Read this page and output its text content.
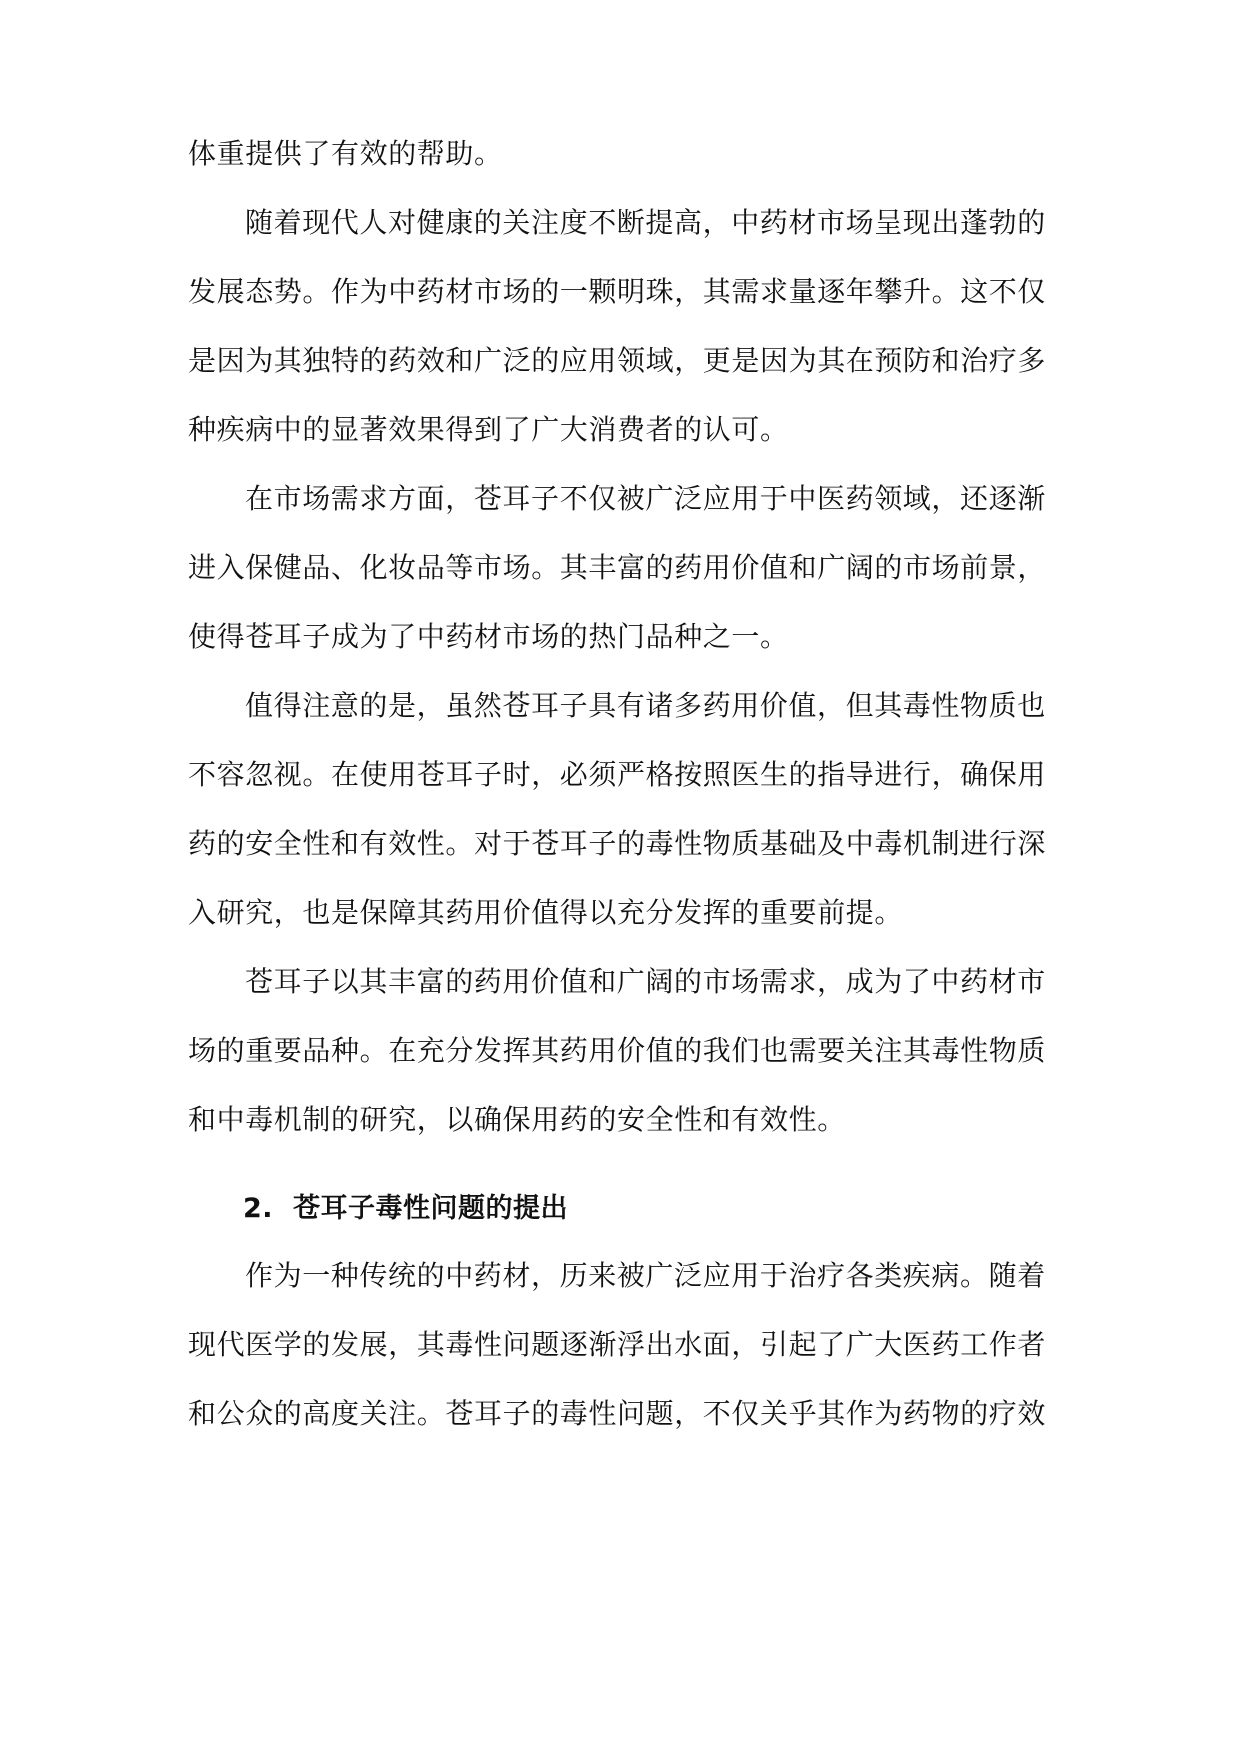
体重提供了有效的帮助。
随着现代人对健康的关注度不断提高，中药材市场呈现出蓬勃的
发展态势。作为中药材市场的一颗明珠，其需求量逐年攀升。这不仅
是因为其独特的药效和广泛的应用领域，更是因为其在预防和治疗多
种疾病中的显著效果得到了广大消费者的认可。
在市场需求方面，苍耳子不仅被广泛应用于中医药领域，还逐渐
进入保健品、化妆品等市场。其丰富的药用价值和广阔的市场前景，
使得苍耳子成为了中药材市场的热门品种之一。
值得注意的是，虽然苍耳子具有诸多药用价值，但其毒性物质也
不容忽视。在使用苍耳子时，必须严格按照医生的指导进行，确保用
药的安全性和有效性。对于苍耳子的毒性物质基础及中毒机制进行深
入研究，也是保障其药用价值得以充分发挥的重要前提。
苍耳子以其丰富的药用价值和广阔的市场需求，成为了中药材市
场的重要品种。在充分发挥其药用价值的我们也需要关注其毒性物质
和中毒机制的研究，以确保用药的安全性和有效性。
2. 苍耳子毒性问题的提出
作为一种传统的中药材，历来被广泛应用于治疗各类疾病。随着
现代医学的发展，其毒性问题逐渐浮出水面，引起了广大医药工作者
和公众的高度关注。苍耳子的毒性问题，不仅关乎其作为药物的疗效
